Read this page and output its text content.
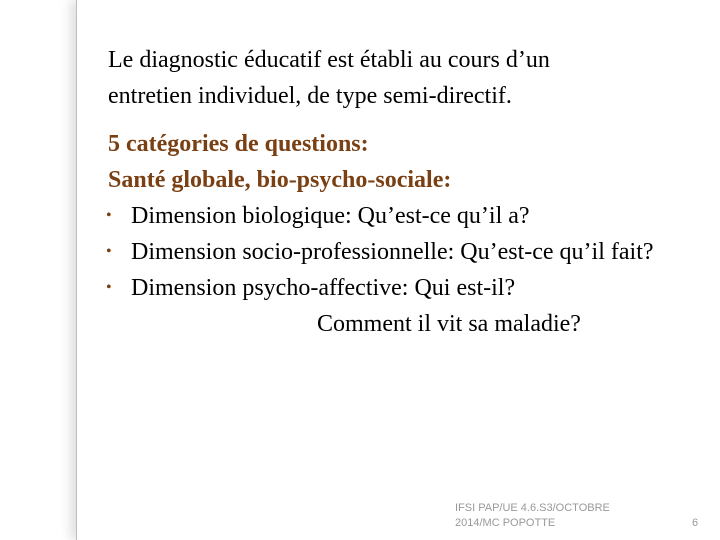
Le diagnostic éducatif est établi au cours d’un
entretien individuel, de type semi-directif.

5 catégories de questions:

Santé globale, bio-psycho-sociale:

• Dimension biologique: Qu’est-ce qu’il a?
• Dimension socio-professionnelle: Qu’est-ce qu’il fait?
• Dimension psycho-affective: Qui est-il?
Comment il vit sa maladie?
IFSI PAP/UE 4.6.S3/OCTOBRE
2014/MC POPOTTE	6
